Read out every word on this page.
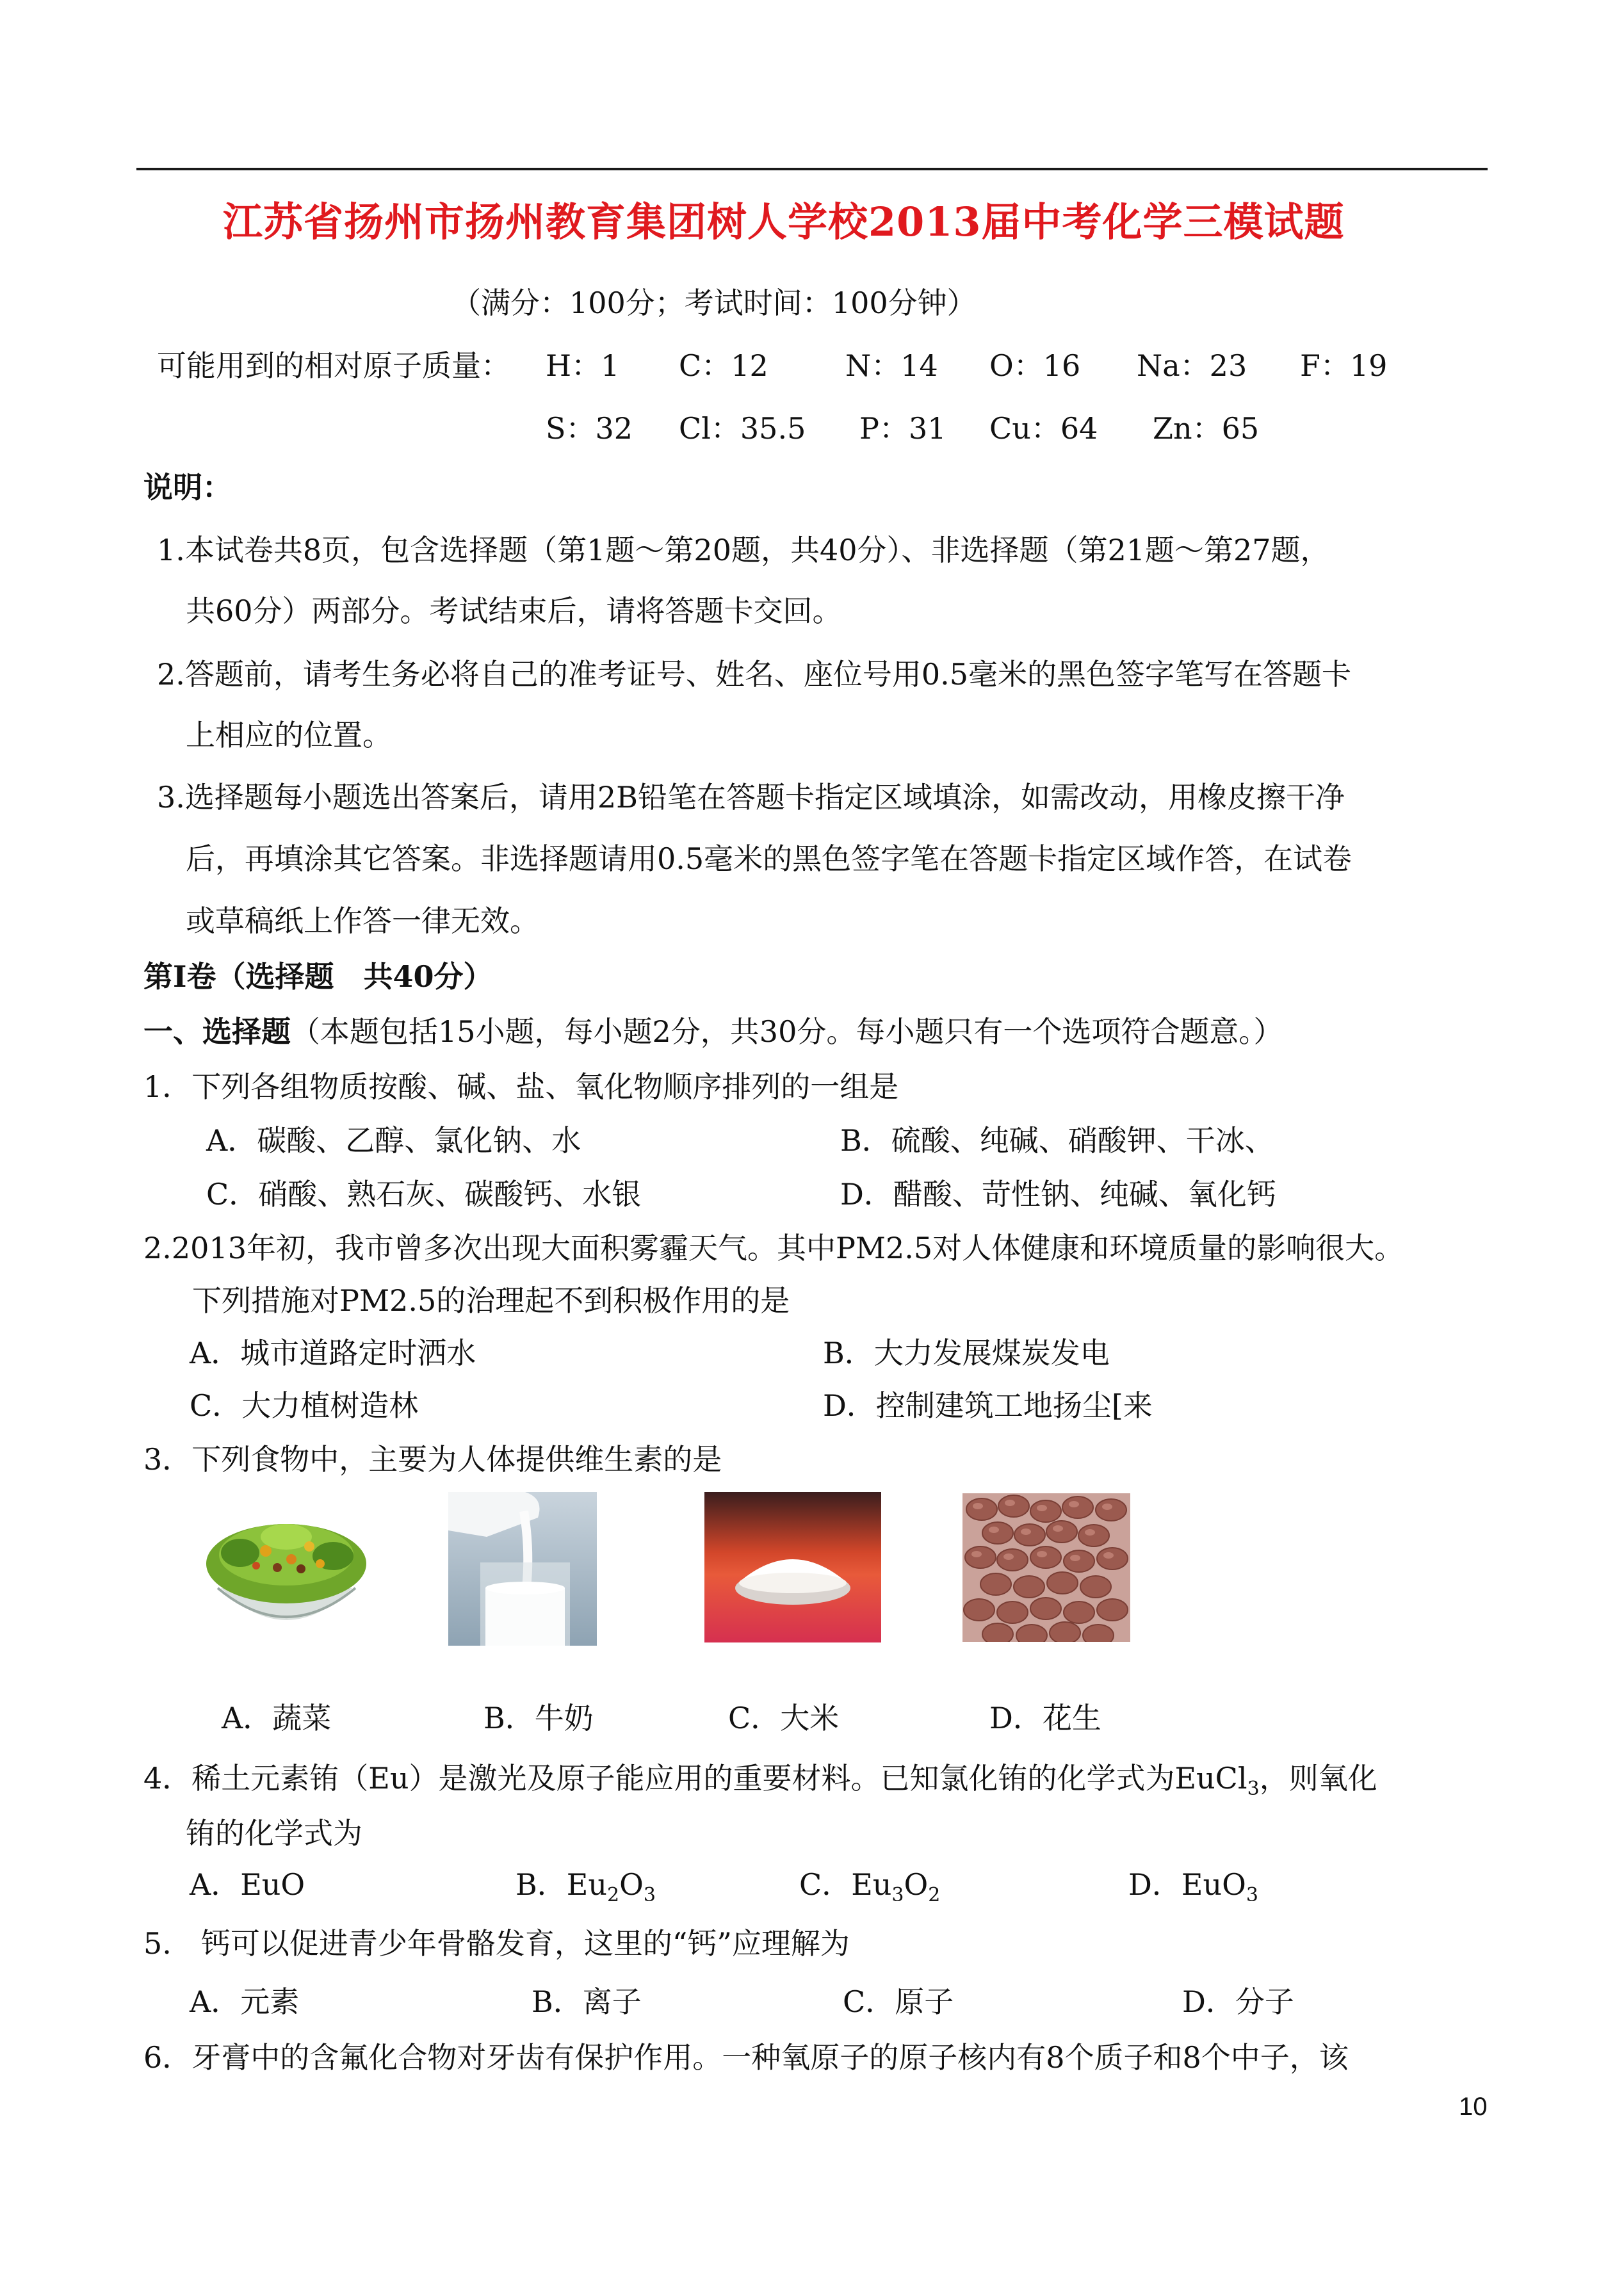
江苏省扬州市扬州教育集团树人学校2013届中考化学三模试题
（满分：100分；考试时间：100分钟）
可能用到的相对原子质量： H：1 C：12	N：14 O：16 Na：23 F：19
S：32 Cl：35.5 P：31 Cu：64 Zn：65
说明：
1.本试卷共8页，包含选择题（第1题～第20题，共40分）、非选择题（第21题～第27题，
共60分）两部分。考试结束后，请将答题卡交回。
2.答题前，请考生务必将自己的准考证号、姓名、座位号用0.5毫米的黑色签字笔写在答题卡
上相应的位置。
3.选择题每小题选出答案后，请用2B铅笔在答题卡指定区域填涂，如需改动，用橡皮擦干净
后，再填涂其它答案。非选择题请用0.5毫米的黑色签字笔在答题卡指定区域作答，在试卷
或草稿纸上作答一律无效。
第Ⅰ卷（选择题　共40分）
一、选择题（本题包括15小题，每小题2分，共30分。每小题只有一个选项符合题意。）
1．下列各组物质按酸、碱、盐、氧化物顺序排列的一组是
A．碳酸、乙醇、氯化钠、水	B．硫酸、纯碱、硝酸钾、干冰、
C．硝酸、熟石灰、碳酸钙、水银	D．醋酸、苛性钠、纯碱、氧化钙
2.2013年初，我市曾多次出现大面积雾霾天气。其中PM2.5对人体健康和环境质量的影响很大。
下列措施对PM2.5的治理起不到积极作用的是
A．城市道路定时洒水	B．大力发展煤炭发电
C．大力植树造林	D．控制建筑工地扬尘[来
3．下列食物中，主要为人体提供维生素的是
A．蔬菜	B．牛奶	C．大米	D．花生
4．稀土元素铕（Eu）是激光及原子能应用的重要材料。已知氯化铕的化学式为EuCl$_3$，则氧化
铕的化学式为
A．EuO	B．$Eu_2O_3$	C．$Eu_3O_2$	D．EuO$_3$
5.　钙可以促进青少年骨骼发育，这里的“钙”应理解为
A．元素	B．离子	C．原子	D．分子
6．牙膏中的含氟化合物对牙齿有保护作用。一种氧原子的原子核内有8个质子和8个中子，该
10
